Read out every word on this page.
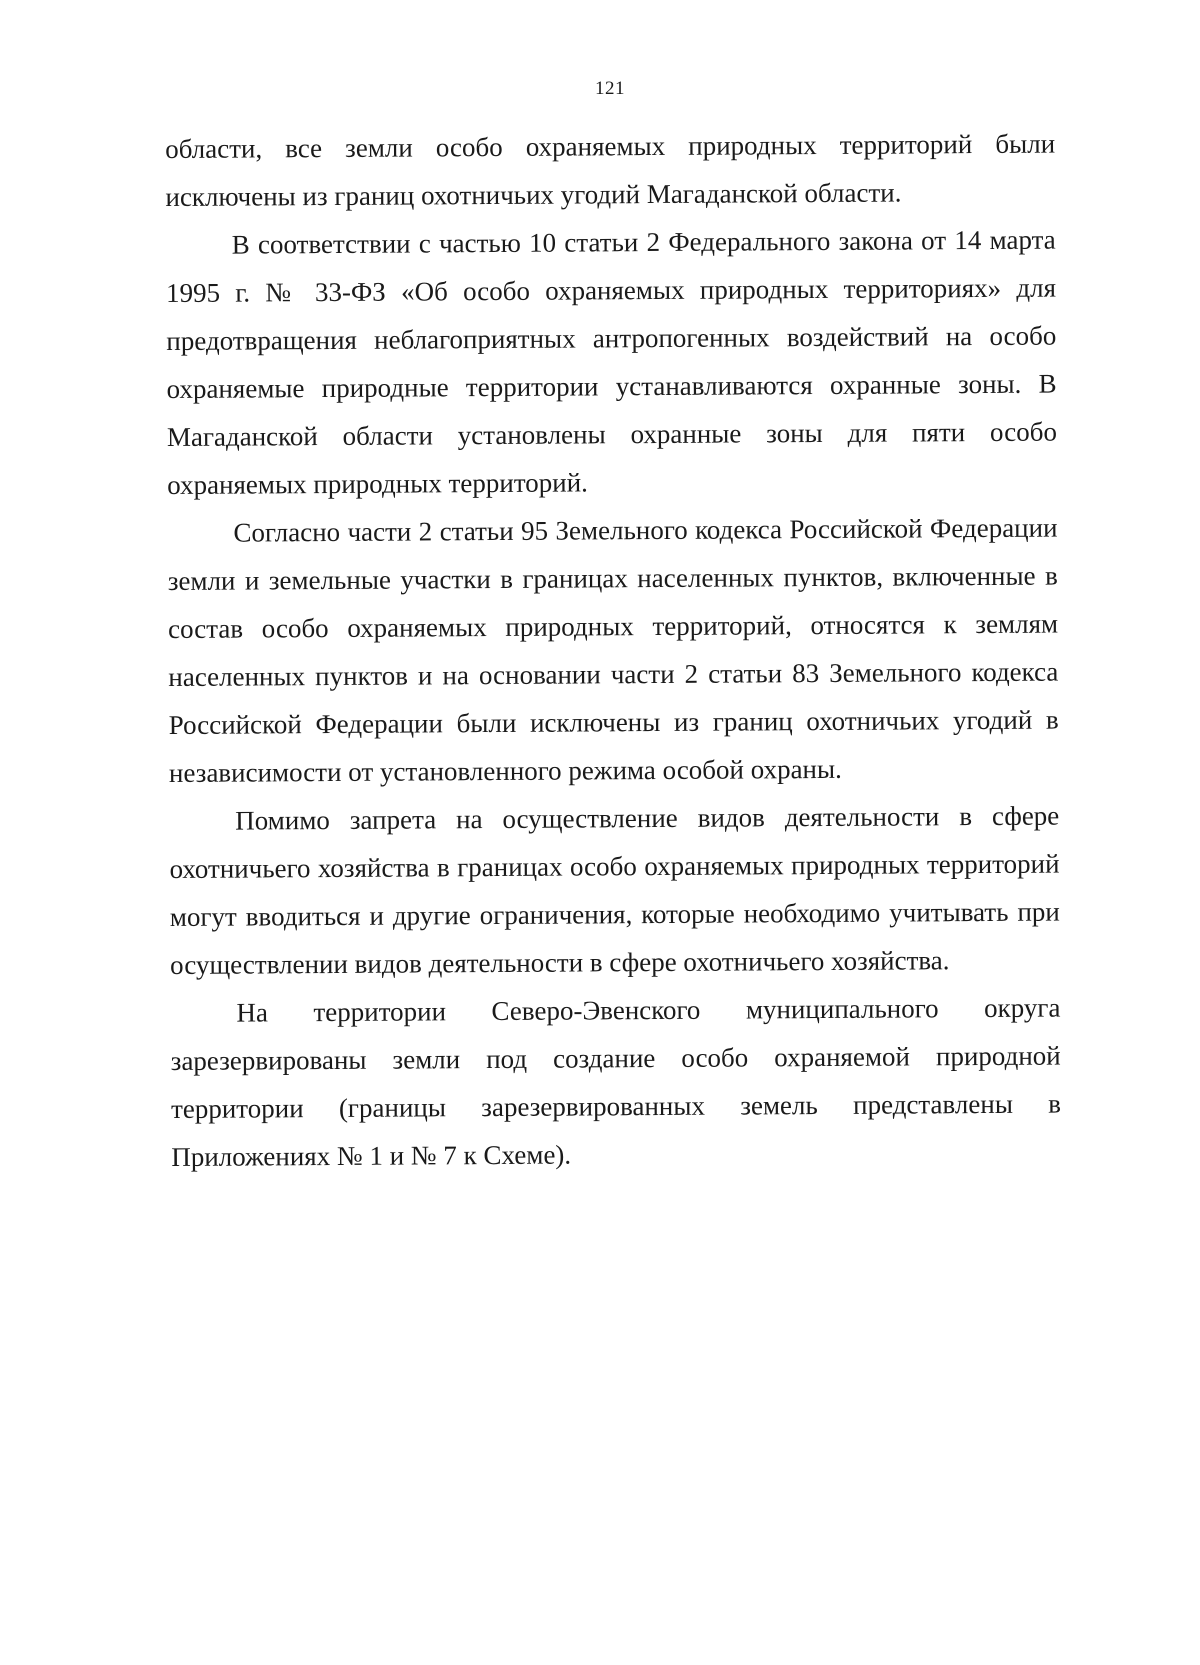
121

области, все земли особо охраняемых природных территорий были исключены из границ охотничьих угодий Магаданской области.

В соответствии с частью 10 статьи 2 Федерального закона от 14 марта 1995 г. № 33-ФЗ «Об особо охраняемых природных территориях» для предотвращения неблагоприятных антропогенных воздействий на особо охраняемые природные территории устанавливаются охранные зоны. В Магаданской области установлены охранные зоны для пяти особо охраняемых природных территорий.

Согласно части 2 статьи 95 Земельного кодекса Российской Федерации земли и земельные участки в границах населенных пунктов, включенные в состав особо охраняемых природных территорий, относятся к землям населенных пунктов и на основании части 2 статьи 83 Земельного кодекса Российской Федерации были исключены из границ охотничьих угодий в независимости от установленного режима особой охраны.

Помимо запрета на осуществление видов деятельности в сфере охотничьего хозяйства в границах особо охраняемых природных территорий могут вводиться и другие ограничения, которые необходимо учитывать при осуществлении видов деятельности в сфере охотничьего хозяйства.

На территории Северо-Эвенского муниципального округа зарезервированы земли под создание особо охраняемой природной территории (границы зарезервированных земель представлены в Приложениях № 1 и № 7 к Схеме).
